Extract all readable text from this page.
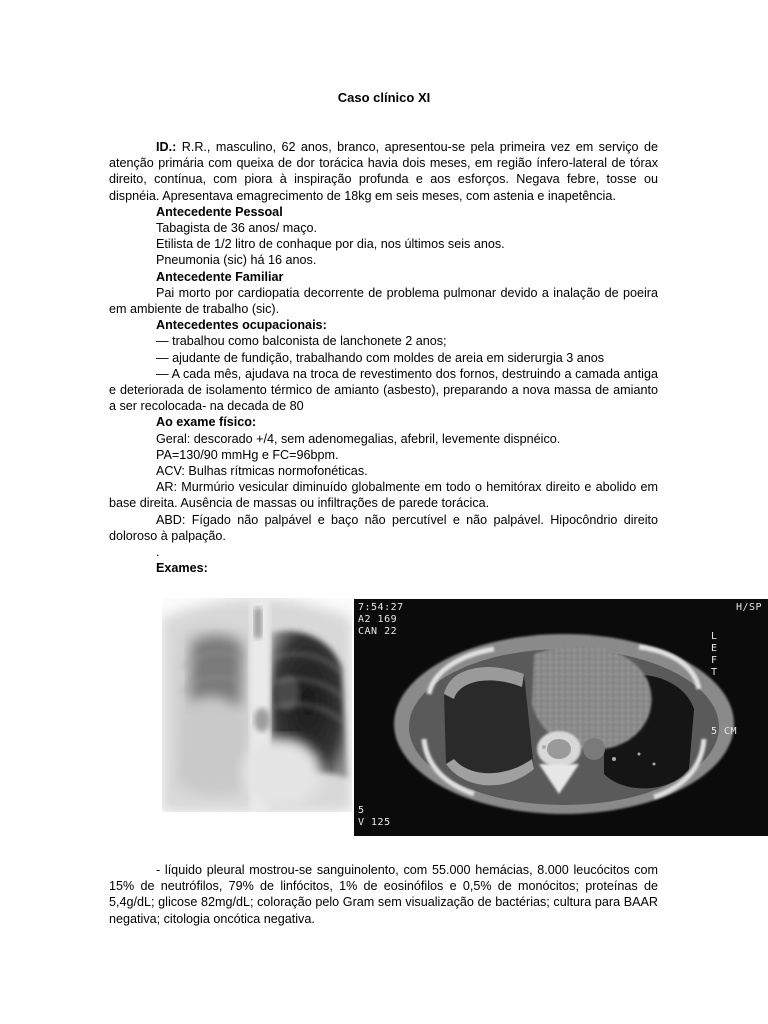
Caso clínico XI

ID.: R.R., masculino, 62 anos, branco, apresentou-se pela primeira vez em serviço de atenção primária com queixa de dor torácica havia dois meses, em região ínfero-lateral de tórax direito, contínua, com piora à inspiração profunda e aos esforços. Negava febre, tosse ou dispnéia. Apresentava emagrecimento de 18kg em seis meses, com astenia e inapetência.

Antecedente Pessoal

Tabagista de 36 anos/ maço.

Etilista de 1/2 litro de conhaque por dia, nos últimos seis anos.

Pneumonia (sic) há 16 anos.

Antecedente Familiar

Pai morto por cardiopatia decorrente de problema pulmonar devido a inalação de poeira em ambiente de trabalho (sic).

Antecedentes ocupacionais:

— trabalhou como balconista de lanchonete 2 anos;

— ajudante de fundição, trabalhando com moldes de areia em siderurgia 3 anos

— A cada mês, ajudava na troca de revestimento dos fornos, destruindo a camada antiga e deteriorada de isolamento térmico de amianto (asbesto), preparando a nova massa de amianto a ser recolocada- na decada de 80

Ao exame físico:

Geral: descorado +/4, sem adenomegalias, afebril, levemente dispnéico.

PA=130/90 mmHg e FC=96bpm.

ACV: Bulhas rítmicas normofonéticas.

AR: Murmúrio vesicular diminuído globalmente em todo o hemitórax direito e abolido em base direita. Ausência de massas ou infiltrações de parede torácica.

ABD: Fígado não palpável e baço não percutível e não palpável. Hipocôndrio direito doloroso à palpação.

.

Exames:

7:54:27
A2 169
CAN 22
H/SP
L
E
F
T
5 CM
5
V 125

- líquido pleural mostrou-se sanguinolento, com 55.000 hemácias, 8.000 leucócitos com 15% de neutrófilos, 79% de linfócitos, 1% de eosinófilos e 0,5% de monócitos; proteínas de 5,4g/dL; glicose 82mg/dL; coloração pelo Gram sem visualização de bactérias; cultura para BAAR negativa; citologia oncótica negativa.
